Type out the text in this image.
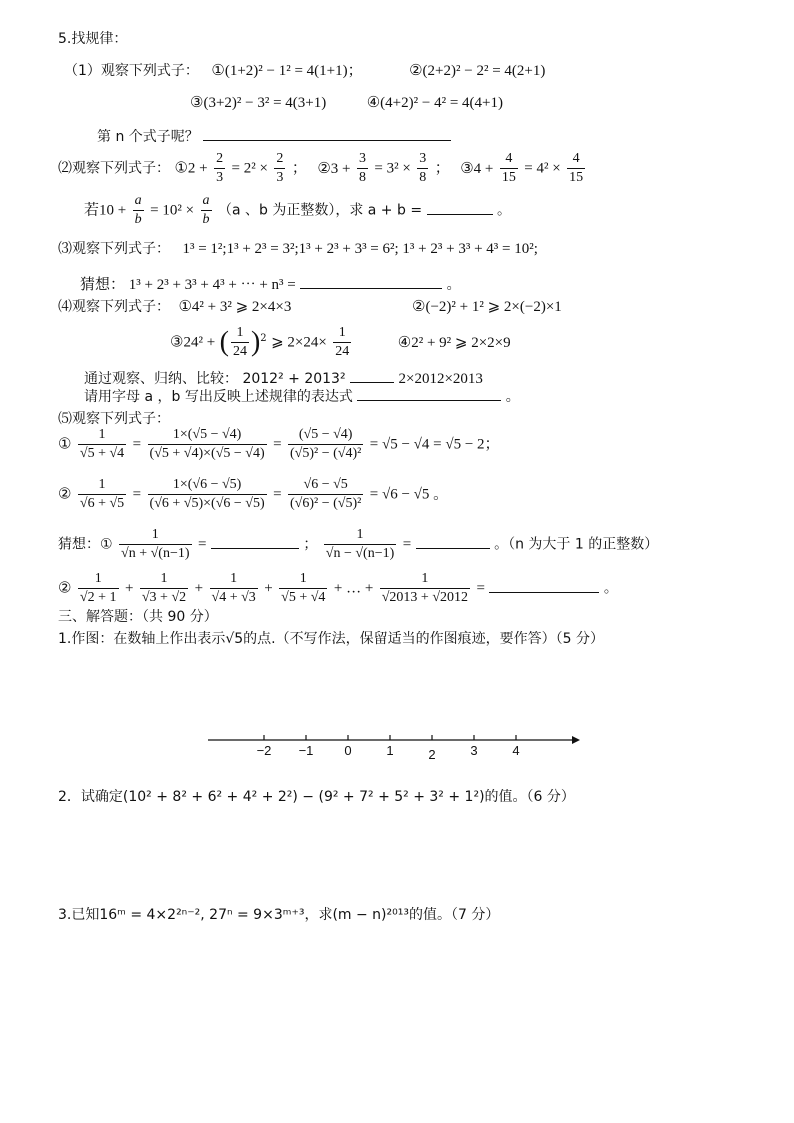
5.找规律：
（1）观察下列式子： ①(1+2)² − 1² = 4(1+1)；	②(2+2)² − 2² = 4(2+1)
③(3+2)² − 3² = 4(3+1)	④(4+2)² − 4² = 4(4+1)
第 n 个式子呢？
⑵观察下列式子： ①2 + $\frac{2}{3} = 2^2 \times \frac{2}{3}$ ； ②3 + $\frac{3}{8} = 3^2 \times \frac{3}{8}$ ； ③4 + $\frac{4}{15} = 4^2 \times \frac{4}{15}$
若$10 + \frac{a}{b} = 10^2 \times \frac{a}{b} (a$ 、b 为正整数），求 a + b =	。
⑶观察下列式子： 1³ = 1²;1³ + 2³ = 3²;1³ + 2³ + 3³ = 6²; 1³ + 2³ + 3³ + 4³ = 10²;
猜想： 1³ + 2³ + 3³ + 4³ + ⋯ + n³ =	。
⑷观察下列式子： ①4² + 3² ⩾ 2×4×3	②(−2)² + 1² ⩾ 2×(−2)×1
③24² + ( $\frac{1}{24} )^2$ ⩾ $2\times 24\times \frac{1}{24}$	④2² + 9² ⩾ 2×2×9
通过观察、归纳、比较： 2012² + 2013²	2×2012×2013
请用字母 a ，b 写出反映上述规律的表达式	。
⑸观察下列式子：
① $\frac{1}{√5 + √4} = \frac{1\times(√5 - √4)}{(√5 + √4)\times(√5 - √4)} = \frac{(√5 - √4)}{\text{(√5)² − (√4)²}} = √5 - √4 = √5 - 2$；
② $\frac{1}{√6 + √5} = \frac{1\times(√6 - √5)}{(√6 + √5)\times(√6 - √5)} = \frac{√6 - √5}{\text{(√6)² − (√5)²}} = √6 - √5$ 。
猜想：① $\frac{1}{√n + √(n-1)}$ =	； $\frac{1}{√n - √(n-1)}$ =	。（n 为大于 1 的正整数）
② $\frac{1}{√2 + 1} + \frac{1}{√3 + √2} + \frac{1}{√4 + √3} + \frac{1}{√5 + √4}$ + … + $\frac{1}{√2013 + √2012}$ =	。
三、解答题：（共 90 分）
1.作图：在数轴上作出表示√5的点.（不写作法，保留适当的作图痕迹，要作答）（5 分）
−2 −1 0	1	2	3	4
2．试确定(10² + 8² + 6² + 4² + 2²) − (9² + 7² + 5² + 3² + 1²)的值。（6 分）
3.已知16ᵐ = 4×2²ⁿ⁻², 27ⁿ = 9×3ᵐ⁺³，求(m − n)²⁰¹³的值。（7 分）
